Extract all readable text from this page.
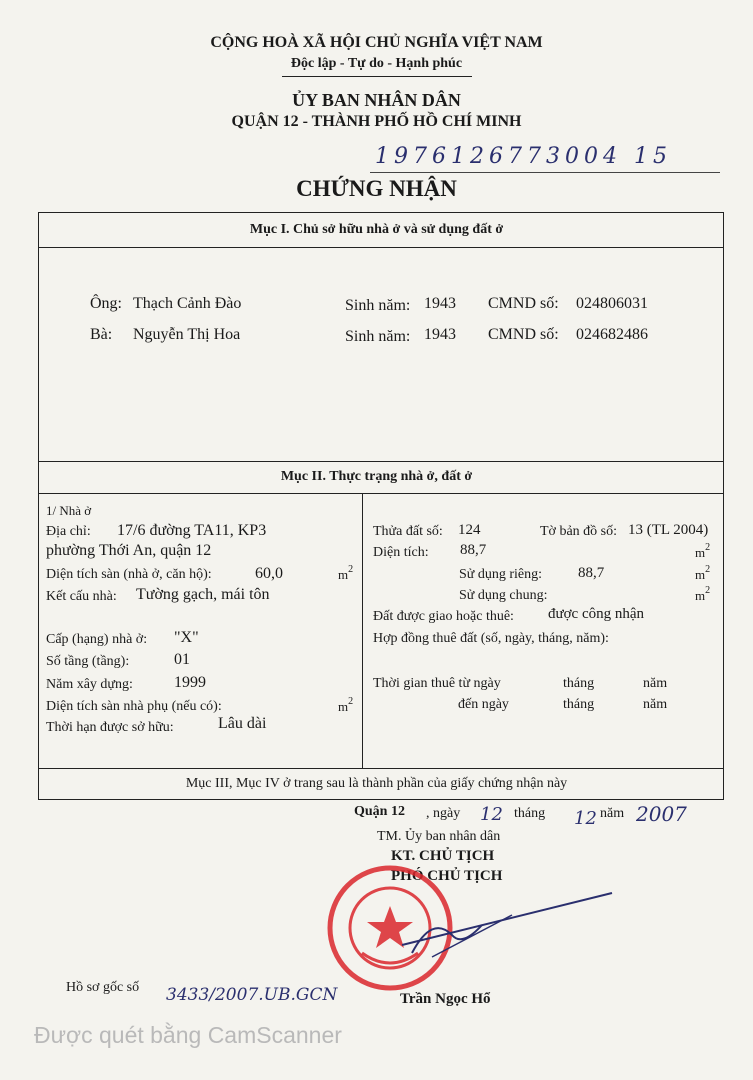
CỘNG HOÀ XÃ HỘI CHỦ NGHĨA VIỆT NAM
Độc lập - Tự do - Hạnh phúc
ỦY BAN NHÂN DÂN
QUẬN 12 - THÀNH PHỐ HỒ CHÍ MINH
1976126773004 15
CHỨNG NHẬN
Mục I. Chủ sở hữu nhà ở và sử dụng đất ở
Ông: Thạch Cảnh Đào	Sinh năm: 1943 CMND số: 024806031
Bà: Nguyễn Thị Hoa	Sinh năm: 1943 CMND số: 024682486
Mục II. Thực trạng nhà ở, đất ở
1/ Nhà ở
Địa chỉ: 17/6 đường TA11, KP3
phường Thới An, quận 12
Diện tích sàn (nhà ở, căn hộ):	60,0	$m^2$
Kết cấu nhà: Tường gạch, mái tôn
Cấp (hạng) nhà ở: "X"
Số tầng (tầng):	01
Năm xây dựng:	1999
Diện tích sàn nhà phụ (nếu có):	$m^2$
Thời hạn được sở hữu:	Lâu dài
Thửa đất số: 124	Tờ bản đồ số: 13 (TL 2004)
Diện tích: 88,7	$m^2$
Sử dụng riêng: 88,7	$m^2$
Sử dụng chung:	$m^2$
Đất được giao hoặc thuê: được công nhận
Hợp đồng thuê đất (số, ngày, tháng, năm):
Thời gian thuê từ ngày	tháng	năm
đến ngày	tháng	năm
Mục III, Mục IV ở trang sau là thành phần của giấy chứng nhận này
Quận 12 , ngày 12 tháng 12 năm 2007
TM. Ủy ban nhân dân
KT. CHỦ TỊCH
PHÓ CHỦ TỊCH
Trần Ngọc Hổ
Hồ sơ gốc số 3433/2007.UB.GCN
Được quét bằng CamScanner
